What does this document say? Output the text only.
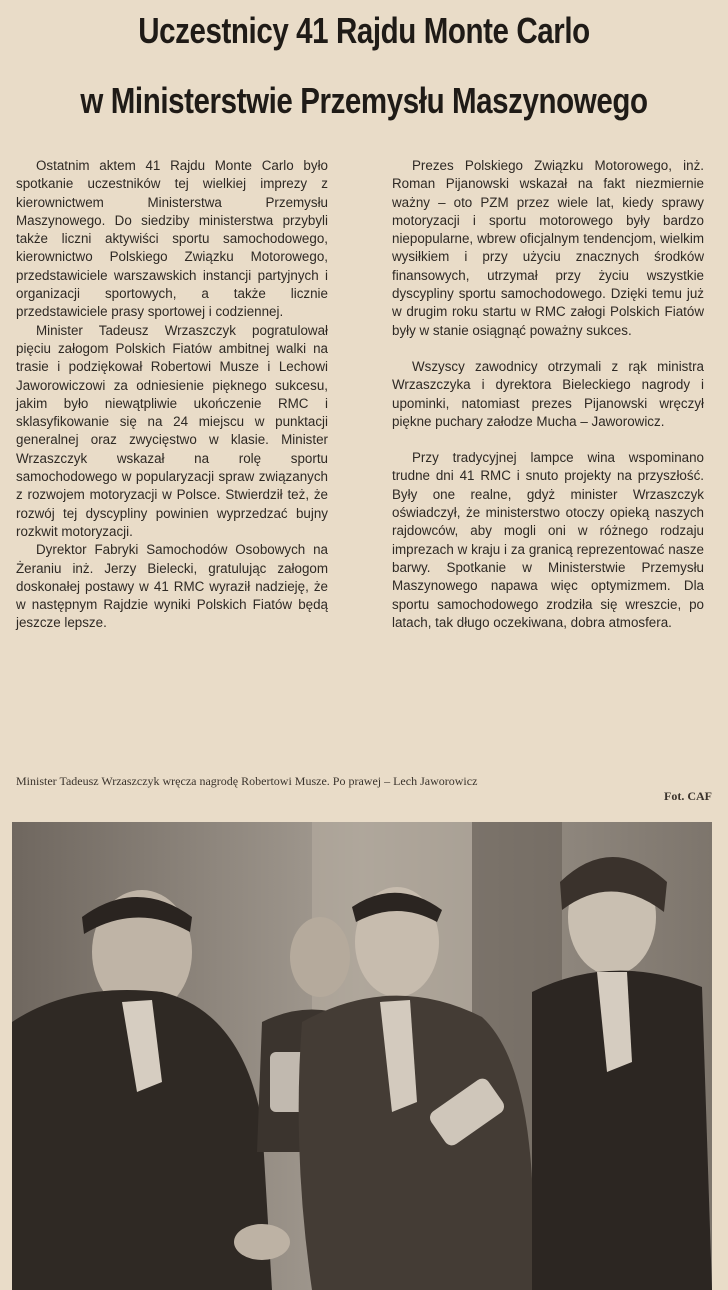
Uczestnicy 41 Rajdu Monte Carlo
w Ministerstwie Przemysłu Maszynowego

Ostatnim aktem 41 Rajdu Monte Carlo było spotkanie uczestników tej wielkiej imprezy z kierownictwem Ministerstwa Przemysłu Maszynowego. Do siedziby ministerstwa przybyli także liczni aktywiści sportu samochodowego, kierownictwo Polskiego Związku Motorowego, przedstawiciele warszawskich instancji partyjnych i organizacji sportowych, a także licznie przedstawiciele prasy sportowej i codziennej.

Minister Tadeusz Wrzaszczyk pogratulował pięciu załogom Polskich Fiatów ambitnej walki na trasie i podziękował Robertowi Musze i Lechowi Jaworowiczowi za odniesienie pięknego sukcesu, jakim było niewątpliwie ukończenie RMC i sklasyfikowanie się na 24 miejscu w punktacji generalnej oraz zwycięstwo w klasie. Minister Wrzaszczyk wskazał na rolę sportu samochodowego w popularyzacji spraw związanych z rozwojem motoryzacji w Polsce. Stwierdził też, że rozwój tej dyscypliny powinien wyprzedzać bujny rozkwit motoryzacji.

Dyrektor Fabryki Samochodów Osobowych na Żeraniu inż. Jerzy Bielecki, gratulując załogom doskonałej postawy w 41 RMC wyraził nadzieję, że w następnym Rajdzie wyniki Polskich Fiatów będą jeszcze lepsze.

Prezes Polskiego Związku Motorowego, inż. Roman Pijanowski wskazał na fakt niezmiernie ważny – oto PZM przez wiele lat, kiedy sprawy motoryzacji i sportu motorowego były bardzo niepopularne, wbrew oficjalnym tendencjom, wielkim wysiłkiem i przy użyciu znacznych środków finansowych, utrzymał przy życiu wszystkie dyscypliny sportu samochodowego. Dzięki temu już w drugim roku startu w RMC załogi Polskich Fiatów były w stanie osiągnąć poważny sukces.

Wszyscy zawodnicy otrzymali z rąk ministra Wrzaszczyka i dyrektora Bieleckiego nagrody i upominki, natomiast prezes Pijanowski wręczył piękne puchary załodze Mucha – Jaworowicz.

Przy tradycyjnej lampce wina wspominano trudne dni 41 RMC i snuto projekty na przyszłość. Były one realne, gdyż minister Wrzaszczyk oświadczył, że ministerstwo otoczy opieką naszych rajdowców, aby mogli oni w różnego rodzaju imprezach w kraju i za granicą reprezentować nasze barwy. Spotkanie w Ministerstwie Przemysłu Maszynowego napawa więc optymizmem. Dla sportu samochodowego zrodziła się wreszcie, po latach, tak długo oczekiwana, dobra atmosfera.

Minister Tadeusz Wrzaszczyk wręcza nagrodę Robertowi Musze. Po prawej – Lech Jaworowicz
Fot. CAF
